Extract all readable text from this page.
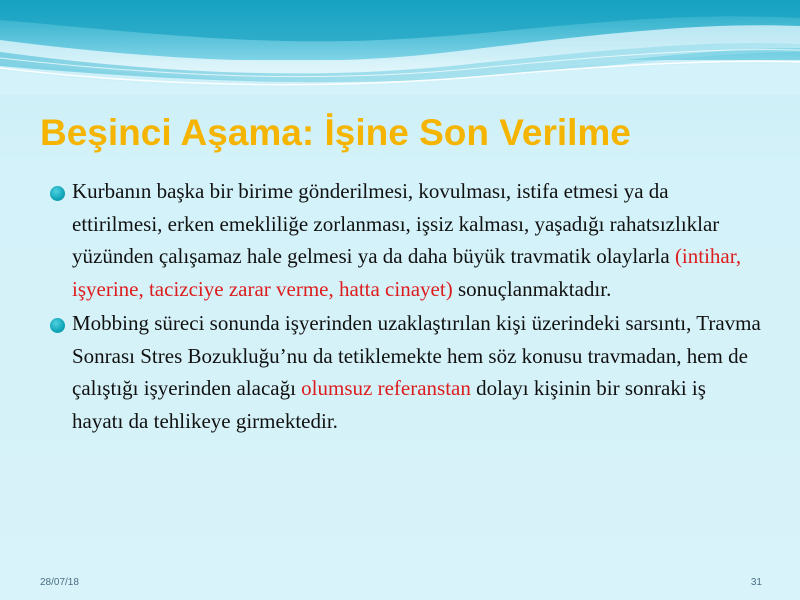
Beşinci Aşama: İşine Son Verilme
Kurbanın başka bir birime gönderilmesi, kovulması, istifa etmesi ya da ettirilmesi, erken emekliliğe zorlanması, işsiz kalması, yaşadığı rahatsızlıklar yüzünden çalışamaz hale gelmesi ya da daha büyük travmatik olaylarla (intihar, işyerine, tacizciye zarar verme, hatta cinayet) sonuçlanmaktadır.
Mobbing süreci sonunda işyerinden uzaklaştırılan kişi üzerindeki sarsıntı, Travma Sonrası Stres Bozukluğu’nu da tetiklemekte hem söz konusu travmadan, hem de çalıştığı işyerinden alacağı olumsuz referanstan dolayı kişinin bir sonraki iş hayatı da tehlikeye girmektedir.
28/07/18	31
